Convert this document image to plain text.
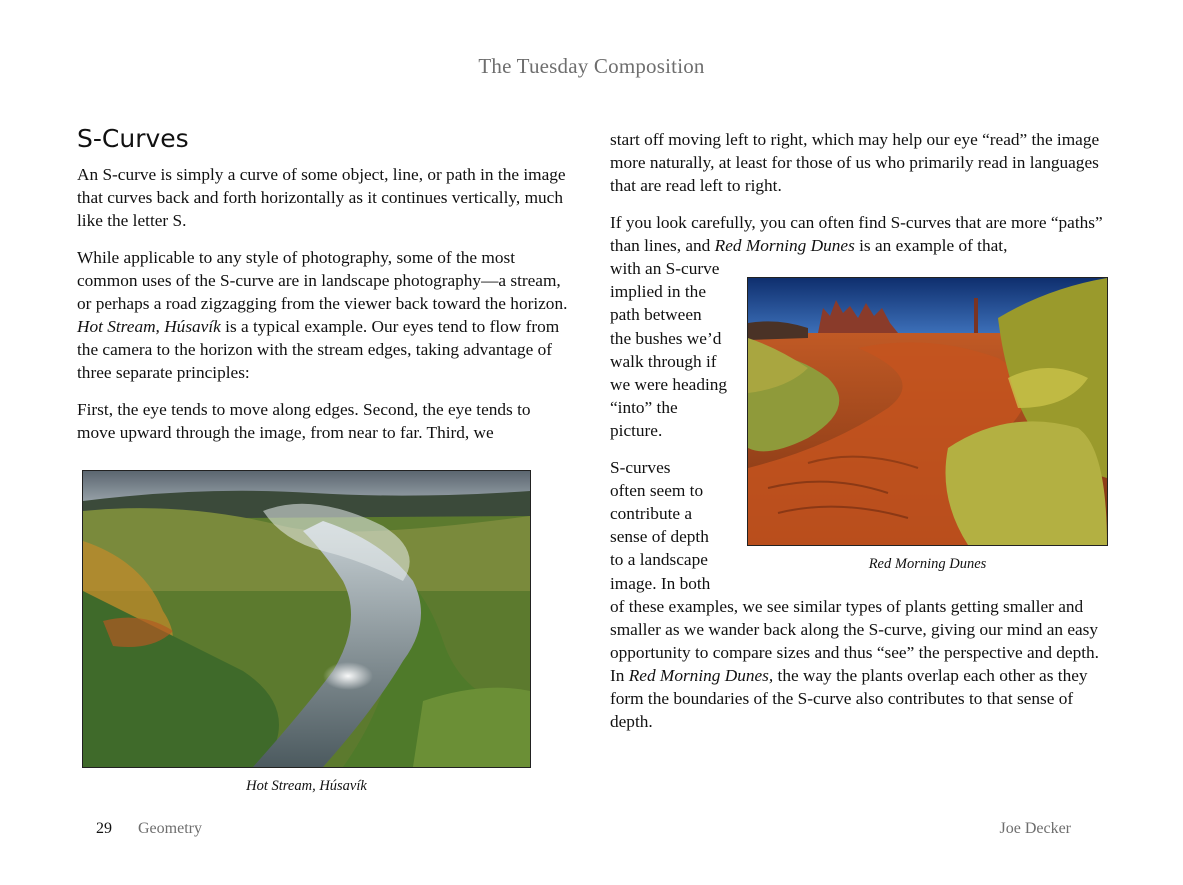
The Tuesday Composition
S-Curves

An S-curve is simply a curve of some object, line, or path in the image that curves back and forth horizontally as it continues vertically, much like the letter S.

While applicable to any style of photography, some of the most common uses of the S-curve are in landscape photography—a stream, or perhaps a road zigzagging from the viewer back toward the horizon. Hot Stream, Húsavík is a typical example. Our eyes tend to flow from the camera to the horizon with the stream edges, taking advantage of three separate principles:

First, the eye tends to move along edges. Second, the eye tends to move upward through the image, from near to far. Third, we

Hot Stream, Húsavík

start off moving left to right, which may help our eye “read” the image more naturally, at least for those of us who primarily read in languages that are read left to right.

If you look carefully, you can often find S-curves that are more “paths” than lines, and Red Morning Dunes is an example of that,

with an S-curve
implied in the
path between
the bushes we’d
walk through if
we were heading
“into” the
picture.
S-curves
often seem to
contribute a
sense of depth
to a landscape
image. In both

of these examples, we see similar types of plants getting smaller and smaller as we wander back along the S-curve, giving our mind an easy opportunity to compare sizes and thus “see” the perspective and depth. In Red Morning Dunes, the way the plants overlap each other as they form the boundaries of the S-curve also contributes to that sense of depth.

Red Morning Dunes
29 Geometry	Joe Decker
